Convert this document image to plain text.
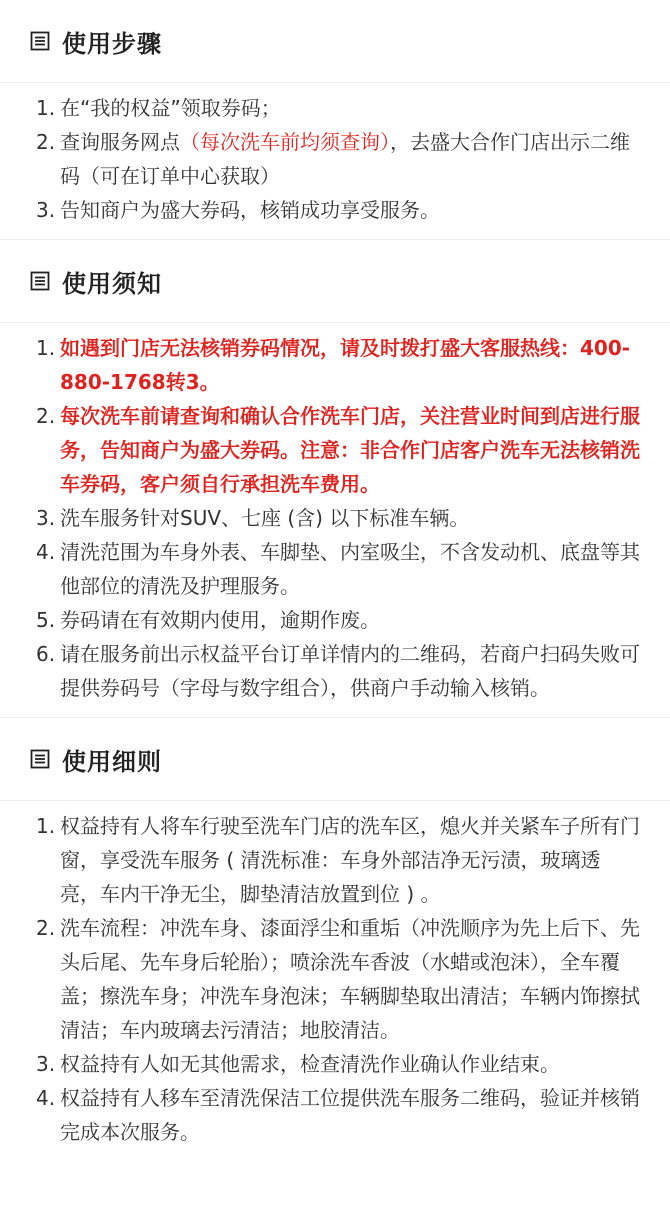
使用步骤
1. 在“我的权益”领取券码；
2. 查询服务网点（每次洗车前均须查询），去盛大合作门店出示二维码（可在订单中心获取）
3. 告知商户为盛大券码，核销成功享受服务。
使用须知
1. 如遇到门店无法核销券码情况，请及时拨打盛大客服热线：400-880-1768转3。
2. 每次洗车前请查询和确认合作洗车门店，关注营业时间到店进行服务，告知商户为盛大券码。注意：非合作门店客户洗车无法核销洗车券码，客户须自行承担洗车费用。
3. 洗车服务针对SUV、七座 (含) 以下标准车辆。
4. 清洗范围为车身外表、车脚垫、内室吸尘，不含发动机、底盘等其他部位的清洗及护理服务。
5. 券码请在有效期内使用，逾期作废。
6. 请在服务前出示权益平台订单详情内的二维码，若商户扫码失败可提供券码号（字母与数字组合），供商户手动输入核销。
使用细则
1. 权益持有人将车行驶至洗车门店的洗车区，熄火并关紧车子所有门窗，享受洗车服务 ( 清洗标准：车身外部洁净无污渍，玻璃透亮，车内干净无尘，脚垫清洁放置到位 ) 。
2. 洗车流程：冲洗车身、漆面浮尘和重垢（冲洗顺序为先上后下、先头后尾、先车身后轮胎）；喷涂洗车香波（水蜡或泡沫），全车覆盖；擦洗车身；冲洗车身泡沫；车辆脚垫取出清洁；车辆内饰擦拭清洁；车内玻璃去污清洁；地胶清洁。
3. 权益持有人如无其他需求，检查清洗作业确认作业结束。
4. 权益持有人移车至清洗保洁工位提供洗车服务二维码，验证并核销完成本次服务。
